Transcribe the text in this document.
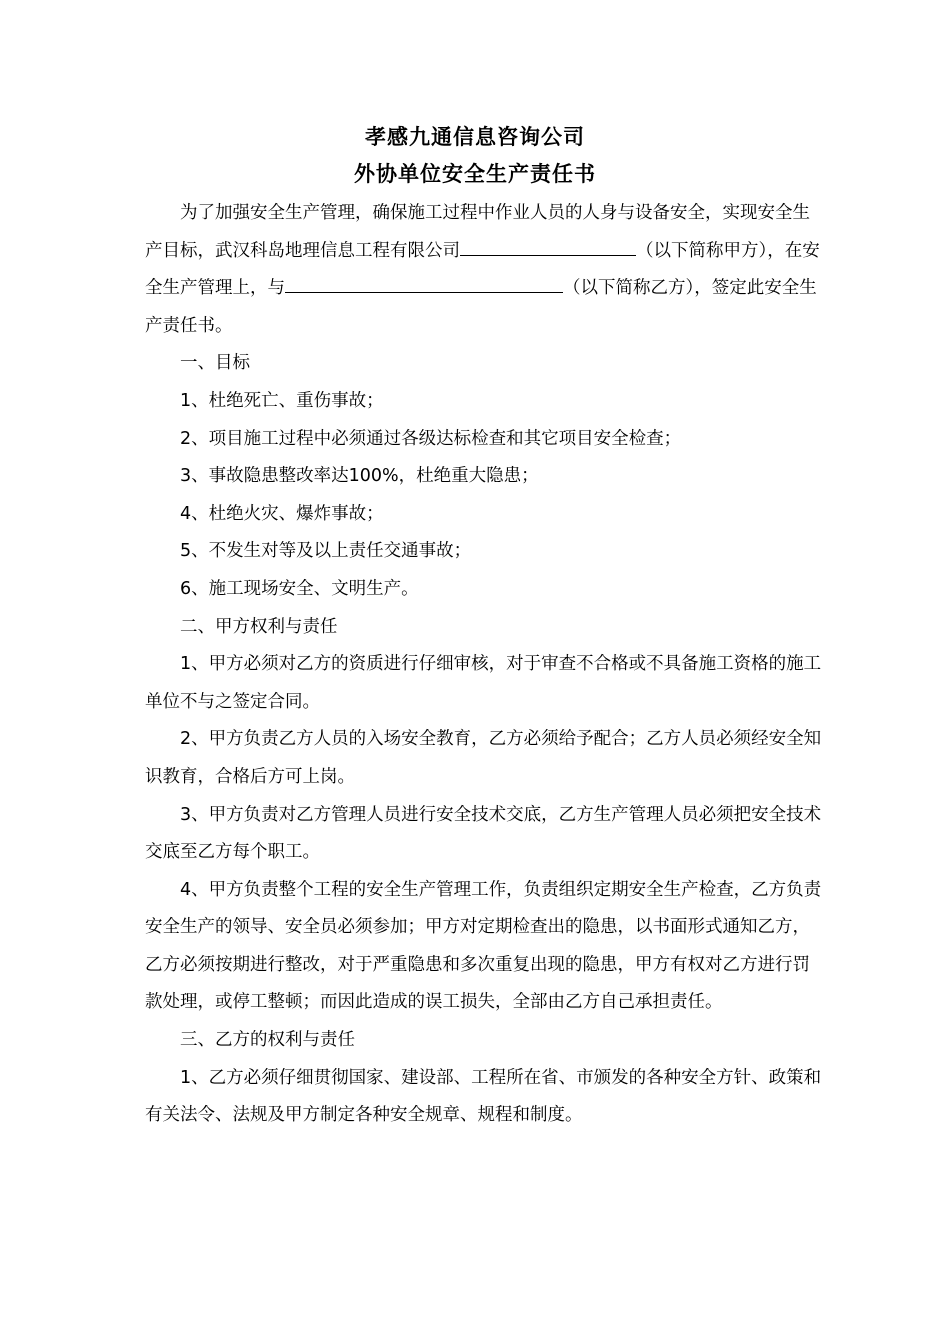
孝感九通信息咨询公司
外协单位安全生产责任书

为了加强安全生产管理，确保施工过程中作业人员的人身与设备安全，实现安全生产目标，武汉科岛地理信息工程有限公司	（以下简称甲方），在安全生产管理上，与	（以下简称乙方），签定此安全生产责任书。

一、目标

1、杜绝死亡、重伤事故；

2、项目施工过程中必须通过各级达标检查和其它项目安全检查；

3、事故隐患整改率达100%，杜绝重大隐患；

4、杜绝火灾、爆炸事故；

5、不发生对等及以上责任交通事故；

6、施工现场安全、文明生产。

二、甲方权利与责任

1、甲方必须对乙方的资质进行仔细审核，对于审查不合格或不具备施工资格的施工单位不与之签定合同。

2、甲方负责乙方人员的入场安全教育，乙方必须给予配合；乙方人员必须经安全知识教育，合格后方可上岗。

3、甲方负责对乙方管理人员进行安全技术交底，乙方生产管理人员必须把安全技术交底至乙方每个职工。

4、甲方负责整个工程的安全生产管理工作，负责组织定期安全生产检查，乙方负责安全生产的领导、安全员必须参加；甲方对定期检查出的隐患，以书面形式通知乙方，乙方必须按期进行整改，对于严重隐患和多次重复出现的隐患，甲方有权对乙方进行罚款处理，或停工整顿；而因此造成的误工损失，全部由乙方自己承担责任。

三、乙方的权利与责任

1、乙方必须仔细贯彻国家、建设部、工程所在省、市颁发的各种安全方针、政策和有关法令、法规及甲方制定各种安全规章、规程和制度。
